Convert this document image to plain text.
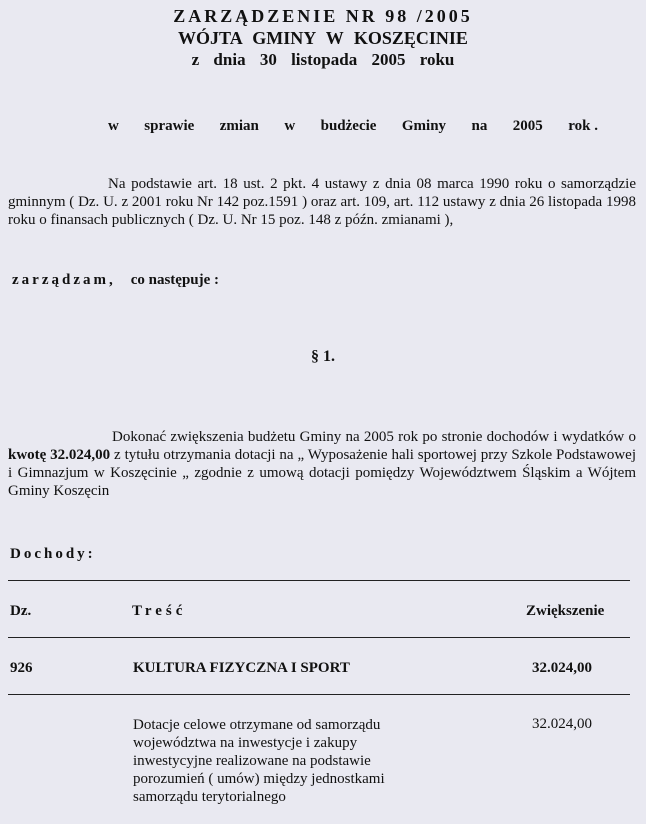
ZARZĄDZENIE NR 98 /2005
WÓJTA GMINY W KOSZĘCINIE
z dnia 30 listopada 2005 roku
w sprawie zmian w budżecie Gminy na 2005 rok .
Na podstawie art. 18 ust. 2 pkt. 4 ustawy z dnia 08 marca 1990 roku o samorządzie gminnym ( Dz. U. z 2001 roku Nr 142 poz.1591 ) oraz art. 109, art. 112 ustawy z dnia 26 listopada 1998 roku o finansach publicznych ( Dz. U. Nr 15 poz. 148 z późn. zmianami ),
zarządzam, co następuje :
§ 1.
Dokonać zwiększenia budżetu Gminy na 2005 rok po stronie dochodów i wydatków o kwotę 32.024,00 z tytułu otrzymania dotacji na „ Wyposażenie hali sportowej przy Szkole Podstawowej i Gimnazjum w Koszęcinie „ zgodnie z umową dotacji pomiędzy Województwem Śląskim a Wójtem Gminy Koszęcin
Dochody:
Dz.	Treść	Zwiększenie
926	KULTURA FIZYCZNA I SPORT	32.024,00
Dotacje celowe otrzymane od samorządu
województwa na inwestycje i zakupy
inwestycyjne realizowane na podstawie
porozumień ( umów) między jednostkami
samorządu terytorialnego
32.024,00
